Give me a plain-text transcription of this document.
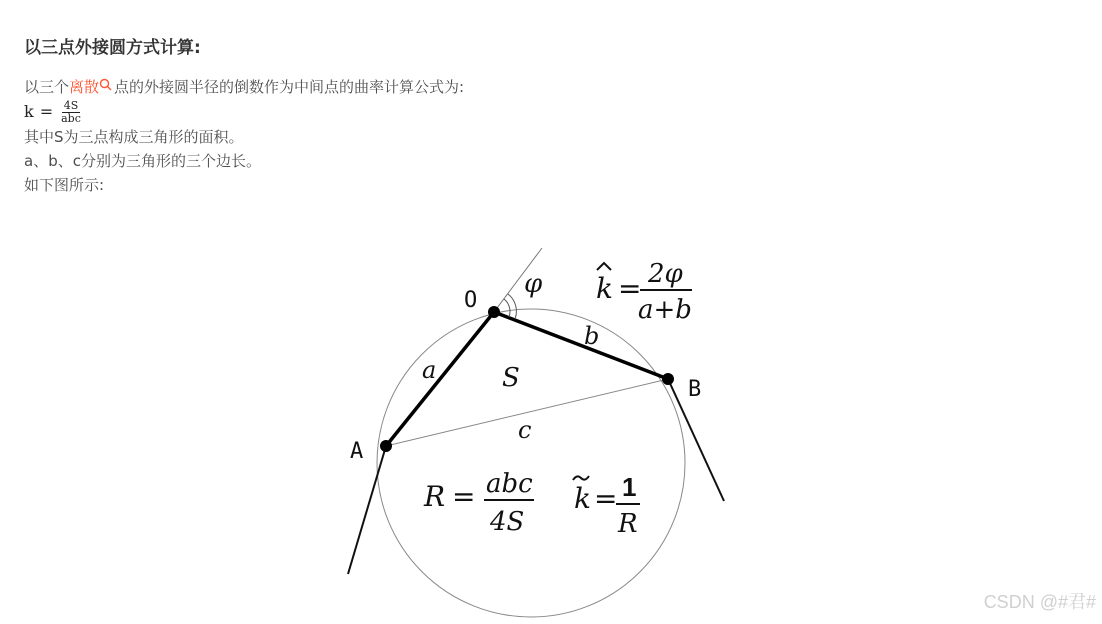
以三点外接圆方式计算:

以三个离散 点的外接圆半径的倒数作为中间点的曲率计算公式为:

$k = \frac{4S}{\text{abc}}$

其中S为三点构成三角形的面积。

a、b、c分别为三角形的三个边长。

如下图所示:

O
A
B
φ
a
b
c
S
k = 2φ
a+b
R = abc
4S
k = 1
R
CSDN @#君#
